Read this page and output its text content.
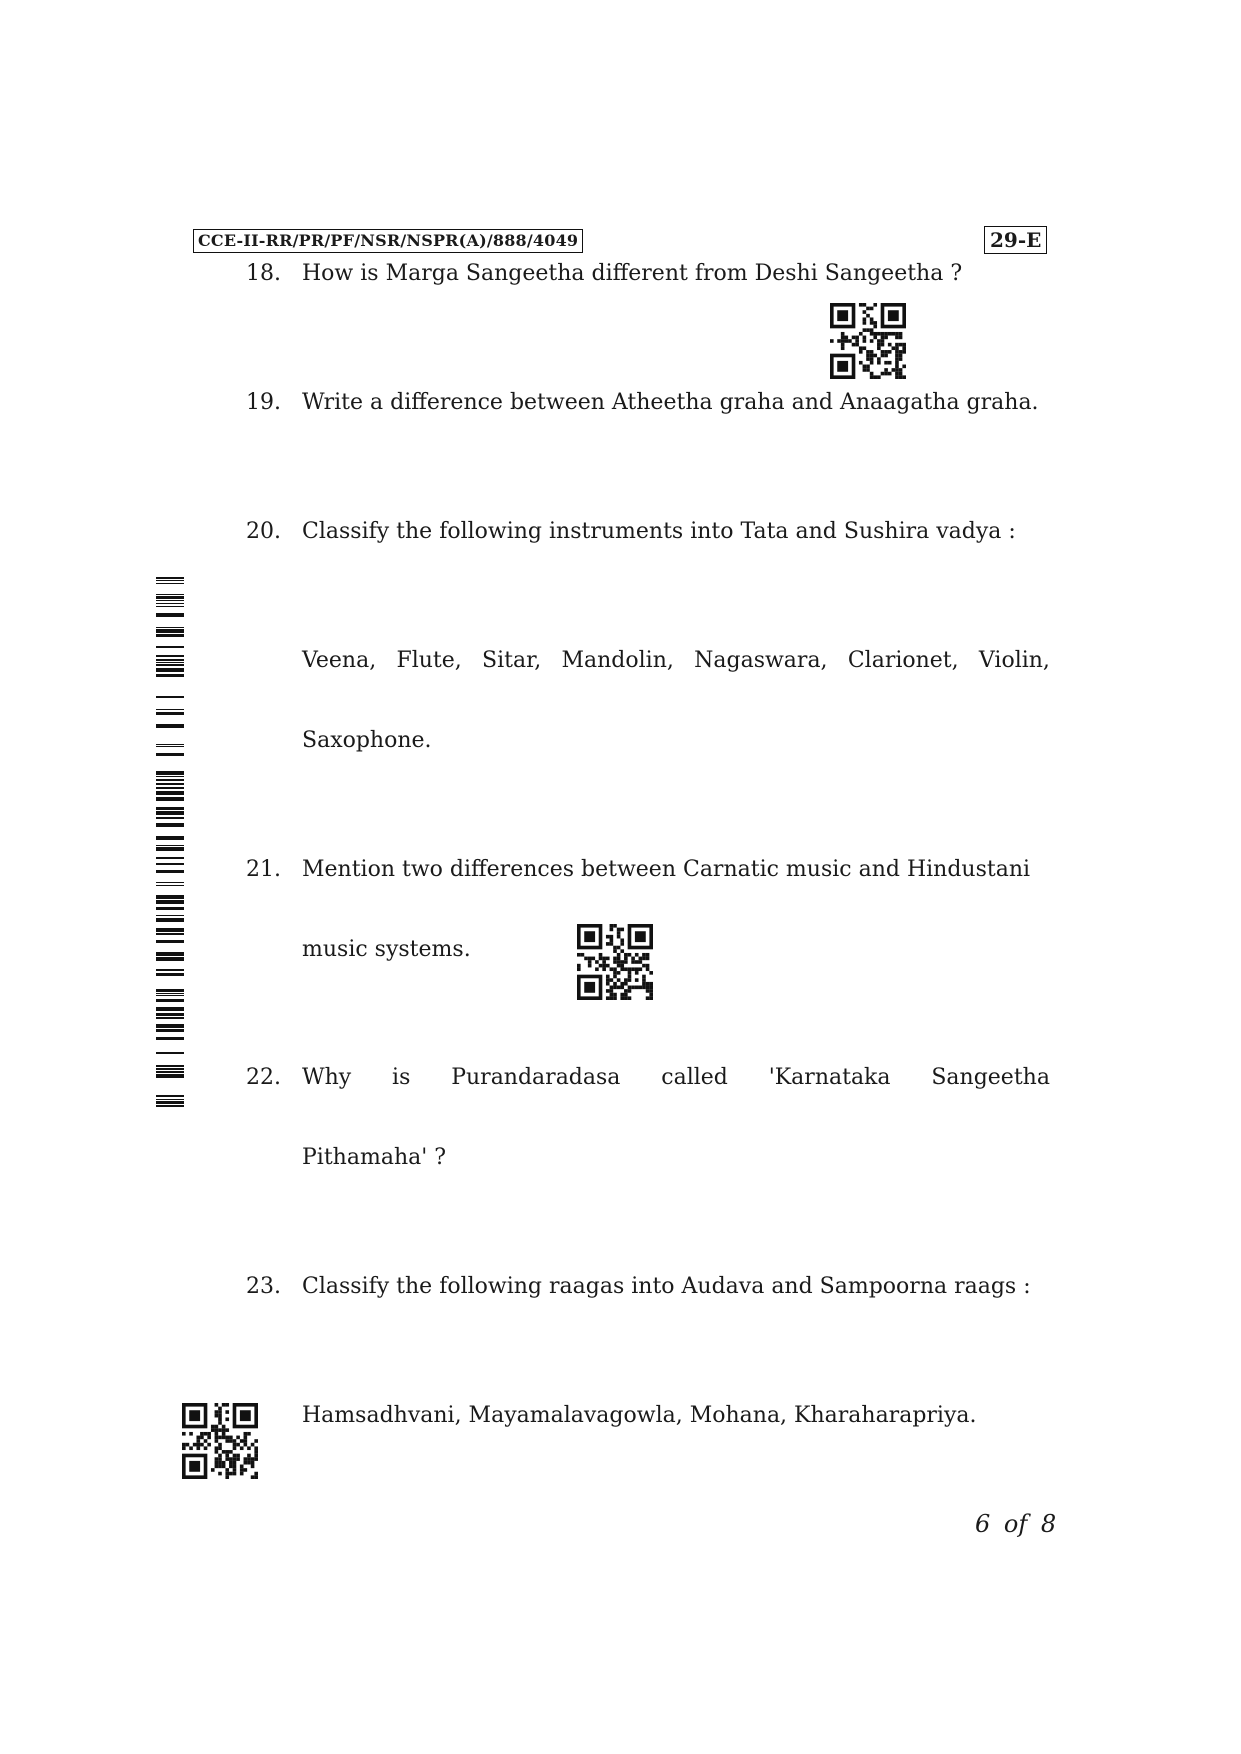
CCE-II-RR/PR/PF/NSR/NSPR(A)/888/4049	29-E
18. How is Marga Sangeetha different from Deshi Sangeetha ?
19. Write a difference between Atheetha graha and Anaagatha graha.
20. Classify the following instruments into Tata and Sushira vadya :
Veena, Flute, Sitar, Mandolin, Nagaswara, Clarionet, Violin,
Saxophone.
21. Mention two differences between Carnatic music and Hindustani
music systems.
22. Why is Purandaradasa called 'Karnataka Sangeetha
Pithamaha' ?
23. Classify the following raagas into Audava and Sampoorna raags :
Hamsadhvani, Mayamalavagowla, Mohana, Kharaharapriya.
6 of 8
